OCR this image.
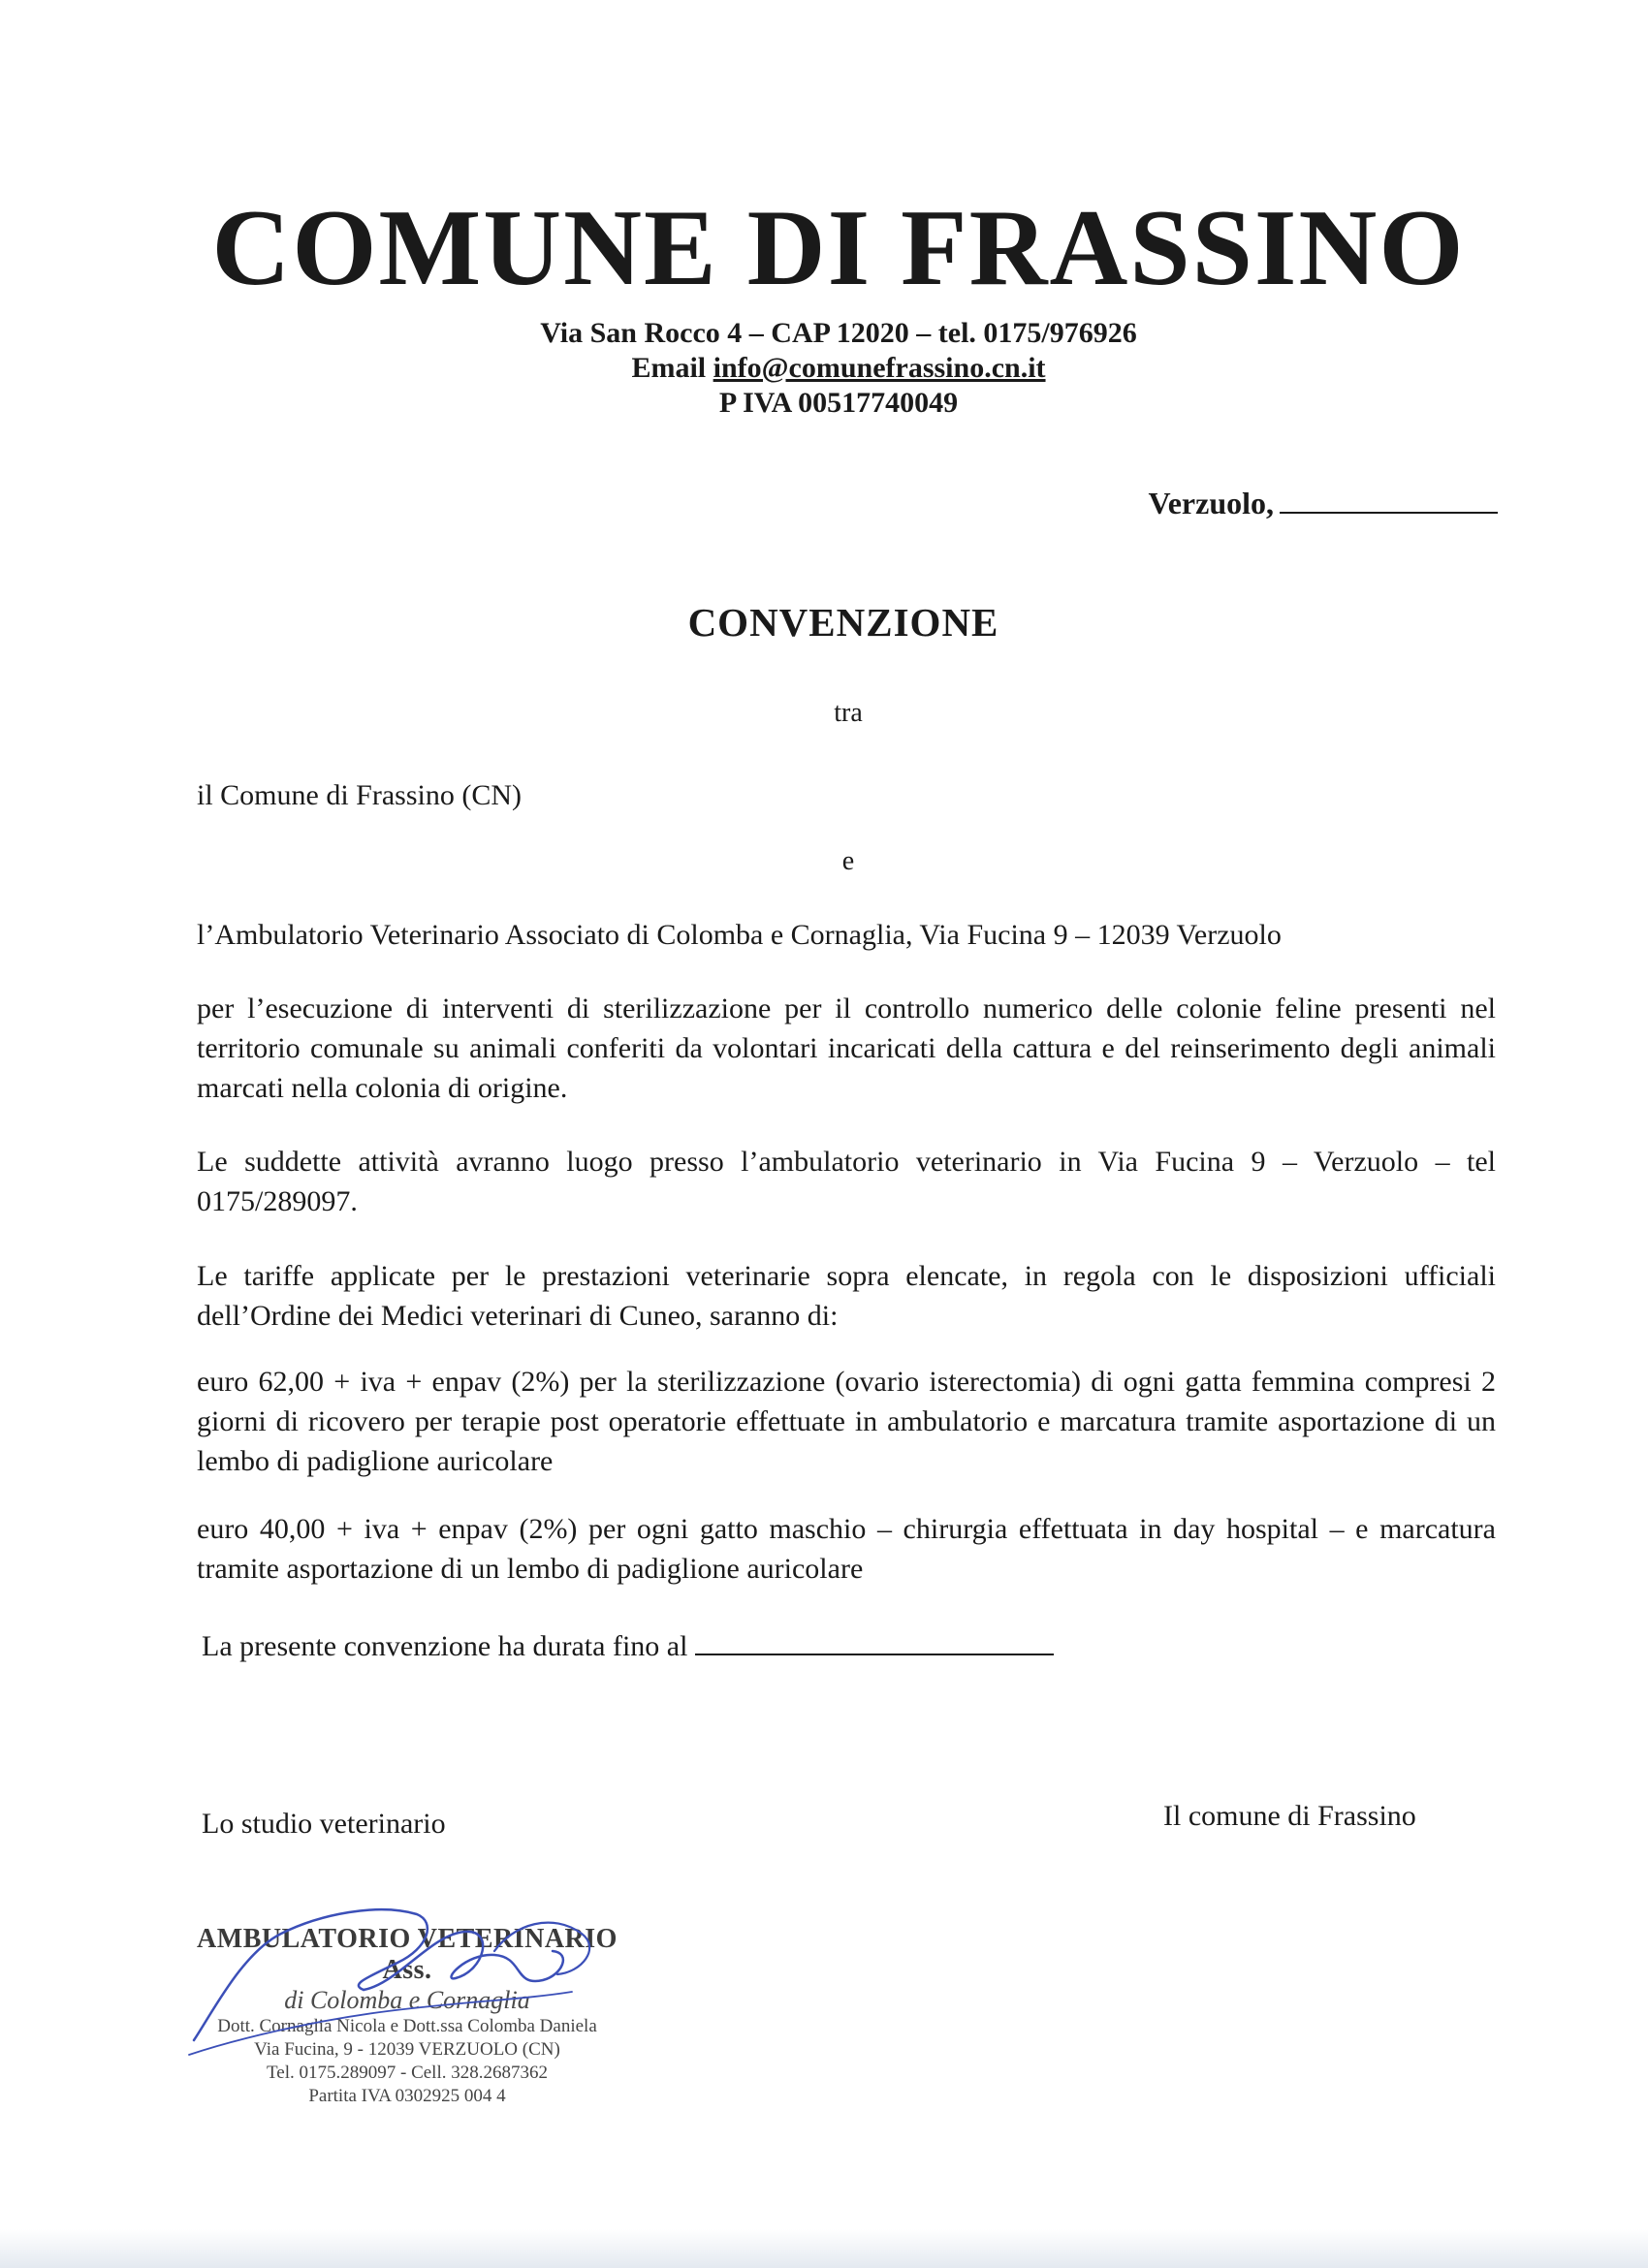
COMUNE DI FRASSINO
Via San Rocco 4 – CAP 12020 – tel. 0175/976926
Email info@comunefrassino.cn.it
P IVA 00517740049
Verzuolo,
CONVENZIONE
tra
il Comune di Frassino (CN)
e
l’Ambulatorio Veterinario Associato di Colomba e Cornaglia, Via Fucina 9 – 12039 Verzuolo
per l’esecuzione di interventi di sterilizzazione per il controllo numerico delle colonie feline presenti nel territorio comunale su animali conferiti da volontari incaricati della cattura e del reinserimento degli animali marcati nella colonia di origine.
Le suddette attività avranno luogo presso l’ambulatorio veterinario in Via Fucina 9 – Verzuolo – tel 0175/289097.
Le tariffe applicate per le prestazioni veterinarie sopra elencate, in regola con le disposizioni ufficiali dell’Ordine dei Medici veterinari di Cuneo, saranno di:
euro 62,00 + iva + enpav (2%) per la sterilizzazione (ovario isterectomia) di ogni gatta femmina compresi 2 giorni di ricovero per terapie post operatorie effettuate in ambulatorio e marcatura tramite asportazione di un lembo di padiglione auricolare
euro 40,00 + iva + enpav (2%) per ogni gatto maschio – chirurgia effettuata in day hospital – e marcatura tramite asportazione di un lembo di padiglione auricolare
La presente convenzione ha durata fino al
Lo studio veterinario	Il comune di Frassino
AMBULATORIO VETERINARIO Ass.
di Colomba e Cornaglia
Dott. Cornaglia Nicola e Dott.ssa Colomba Daniela
Via Fucina, 9 - 12039 VERZUOLO (CN)
Tel. 0175.289097 - Cell. 328.2687362
Partita IVA 0302925 004 4
